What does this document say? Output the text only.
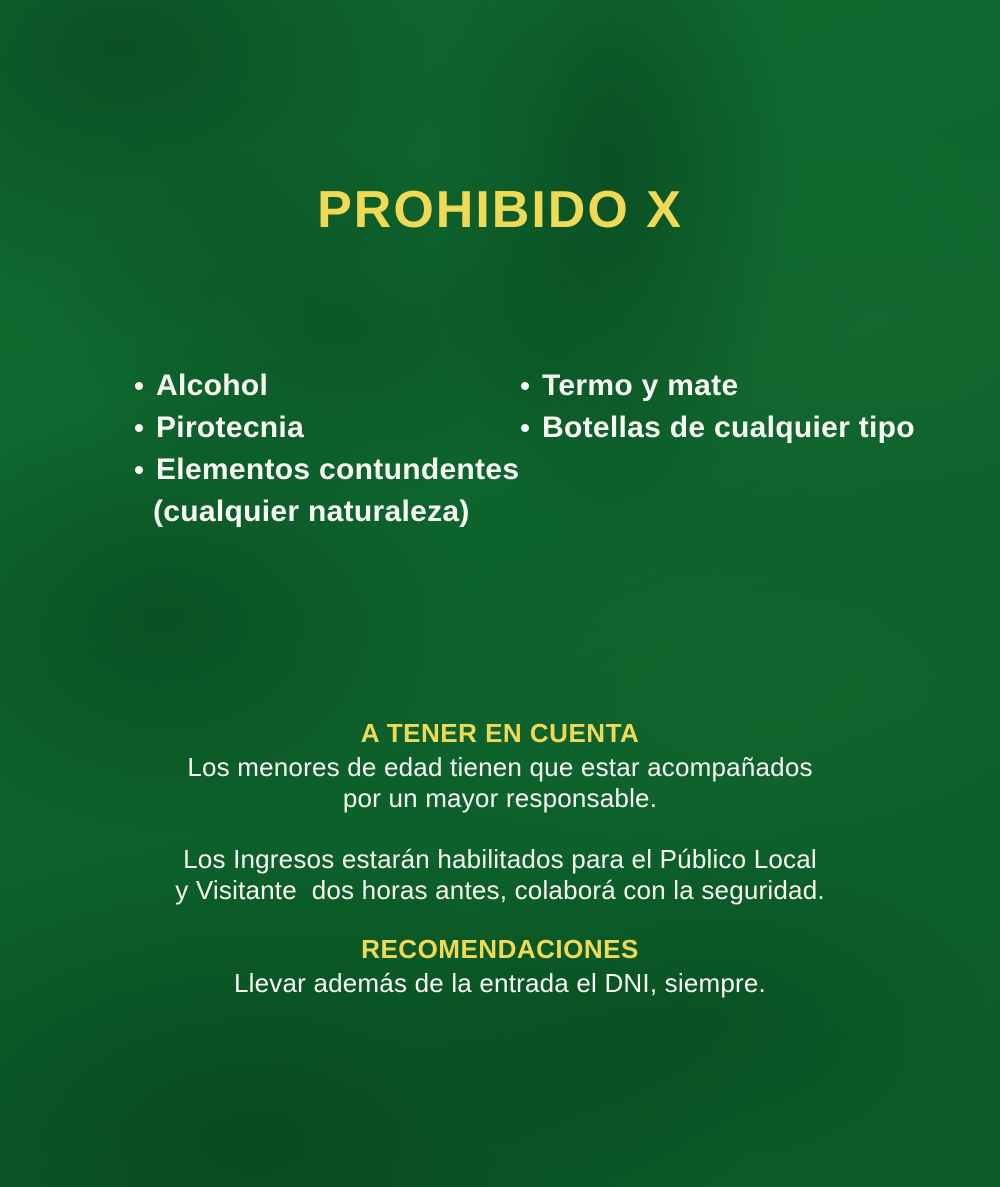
PROHIBIDO X
Alcohol
Pirotecnia
Elementos contundentes
(cualquier naturaleza)
Termo y mate
Botellas de cualquier tipo
A TENER EN CUENTA

Los menores de edad tienen que estar acompañados
por un mayor responsable.

Los Ingresos estarán habilitados para el Público Local
y Visitante  dos horas antes, colaborá con la seguridad.

RECOMENDACIONES

Llevar además de la entrada el DNI, siempre.
